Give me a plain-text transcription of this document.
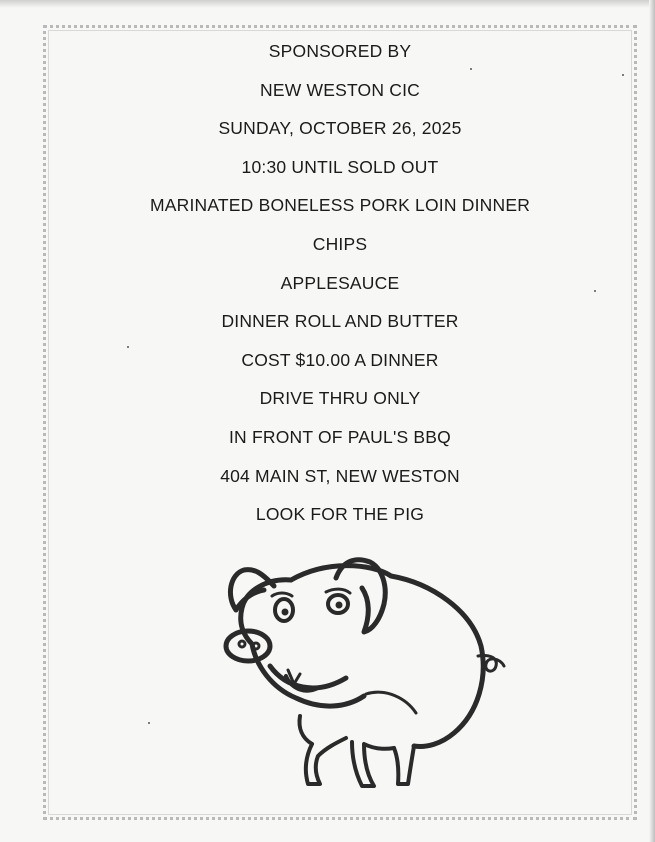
SPONSORED BY
NEW WESTON CIC
SUNDAY, OCTOBER 26, 2025
10:30 UNTIL SOLD OUT
MARINATED BONELESS PORK LOIN DINNER
CHIPS
APPLESAUCE
DINNER ROLL AND BUTTER
COST $10.00 A DINNER
DRIVE THRU ONLY
IN FRONT OF PAUL'S BBQ
404 MAIN ST, NEW WESTON
LOOK FOR THE PIG
